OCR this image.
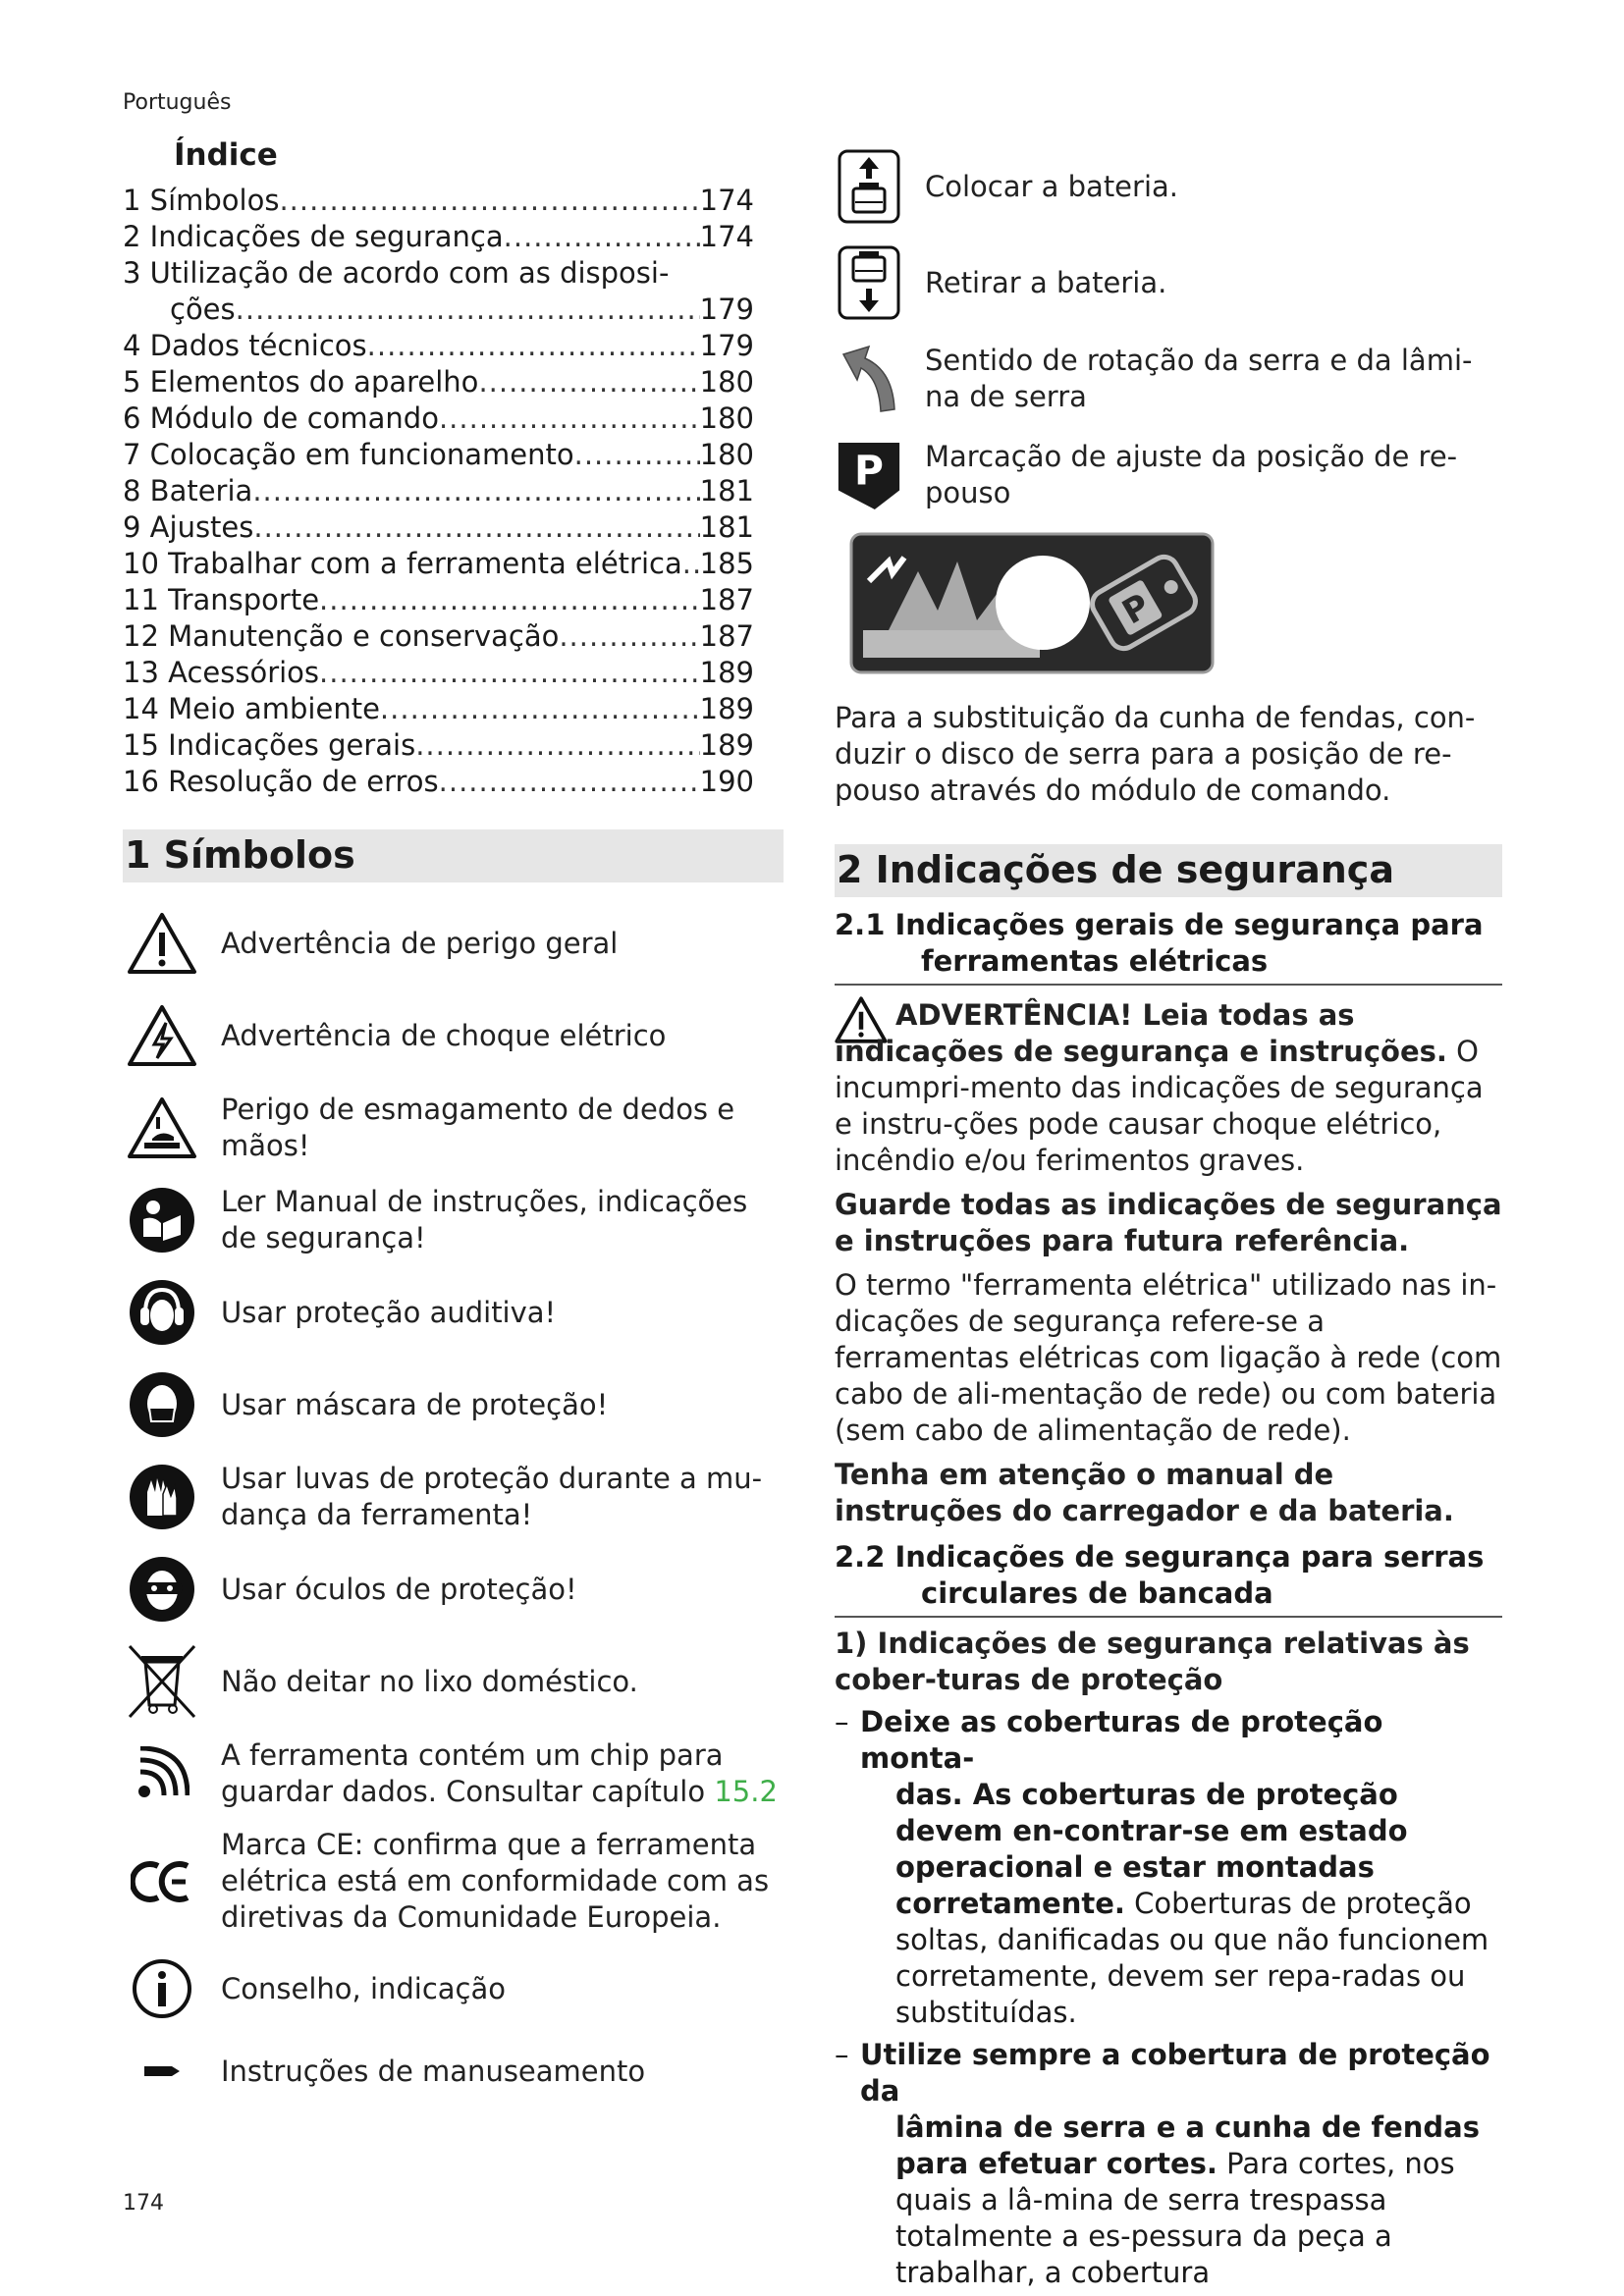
Português
Índice
1 Símbolos .....	174
2 Indicações de segurança .....	174
3 Utilização de acordo com as disposi-
ções .....	179
4 Dados técnicos .....	179
5 Elementos do aparelho .....	180
6 Módulo de comando .....	180
7 Colocação em funcionamento .....	180
8 Bateria .....	181
9 Ajustes .....	181
10 Trabalhar com a ferramenta elétrica ..... 185
11 Transporte .....	187
12 Manutenção e conservação .....	187
13 Acessórios .....	189
14 Meio ambiente .....	189
15 Indicações gerais .....	189
16 Resolução de erros .....	190
1 Símbolos
Advertência de perigo geral
Advertência de choque elétrico
Perigo de esmagamento de dedos e mãos!
Ler Manual de instruções, indicações de segurança!
Usar proteção auditiva!
Usar máscara de proteção!
Usar luvas de proteção durante a mu-dança da ferramenta!
Usar óculos de proteção!
Não deitar no lixo doméstico.
A ferramenta contém um chip para guardar dados. Consultar capítulo 15.2
Marca CE: confirma que a ferramenta elétrica está em conformidade com as diretivas da Comunidade Europeia.
Conselho, indicação
Instruções de manuseamento
Colocar a bateria.
Retirar a bateria.
Sentido de rotação da serra e da lâmi-na de serra
P Marcação de ajuste da posição de re-pouso
P

Para a substituição da cunha de fendas, con-duzir o disco de serra para a posição de re-pouso através do módulo de comando.

2 Indicações de segurança
2.1 Indicações gerais de segurança para
ferramentas elétricas

ADVERTÊNCIA! Leia todas as indicações de segurança e instruções. O incumpri-mento das indicações de segurança e instru-ções pode causar choque elétrico, incêndio e/ou ferimentos graves.

Guarde todas as indicações de segurança e instruções para futura referência.

O termo "ferramenta elétrica" utilizado nas in-dicações de segurança refere-se a ferramentas elétricas com ligação à rede (com cabo de ali-mentação de rede) ou com bateria (sem cabo de alimentação de rede).

Tenha em atenção o manual de instruções do carregador e da bateria.

2.2 Indicações de segurança para serras
circulares de bancada

1) Indicações de segurança relativas às cober-turas de proteção

– Deixe as coberturas de proteção monta-
das. As coberturas de proteção devem en-contrar-se em estado operacional e estar montadas corretamente. Coberturas de proteção soltas, danificadas ou que não funcionem corretamente, devem ser repa-radas ou substituídas.
– Utilize sempre a cobertura de proteção da
lâmina de serra e a cunha de fendas para efetuar cortes. Para cortes, nos quais a lâ-mina de serra trespassa totalmente a es-pessura da peça a trabalhar, a cobertura
174
